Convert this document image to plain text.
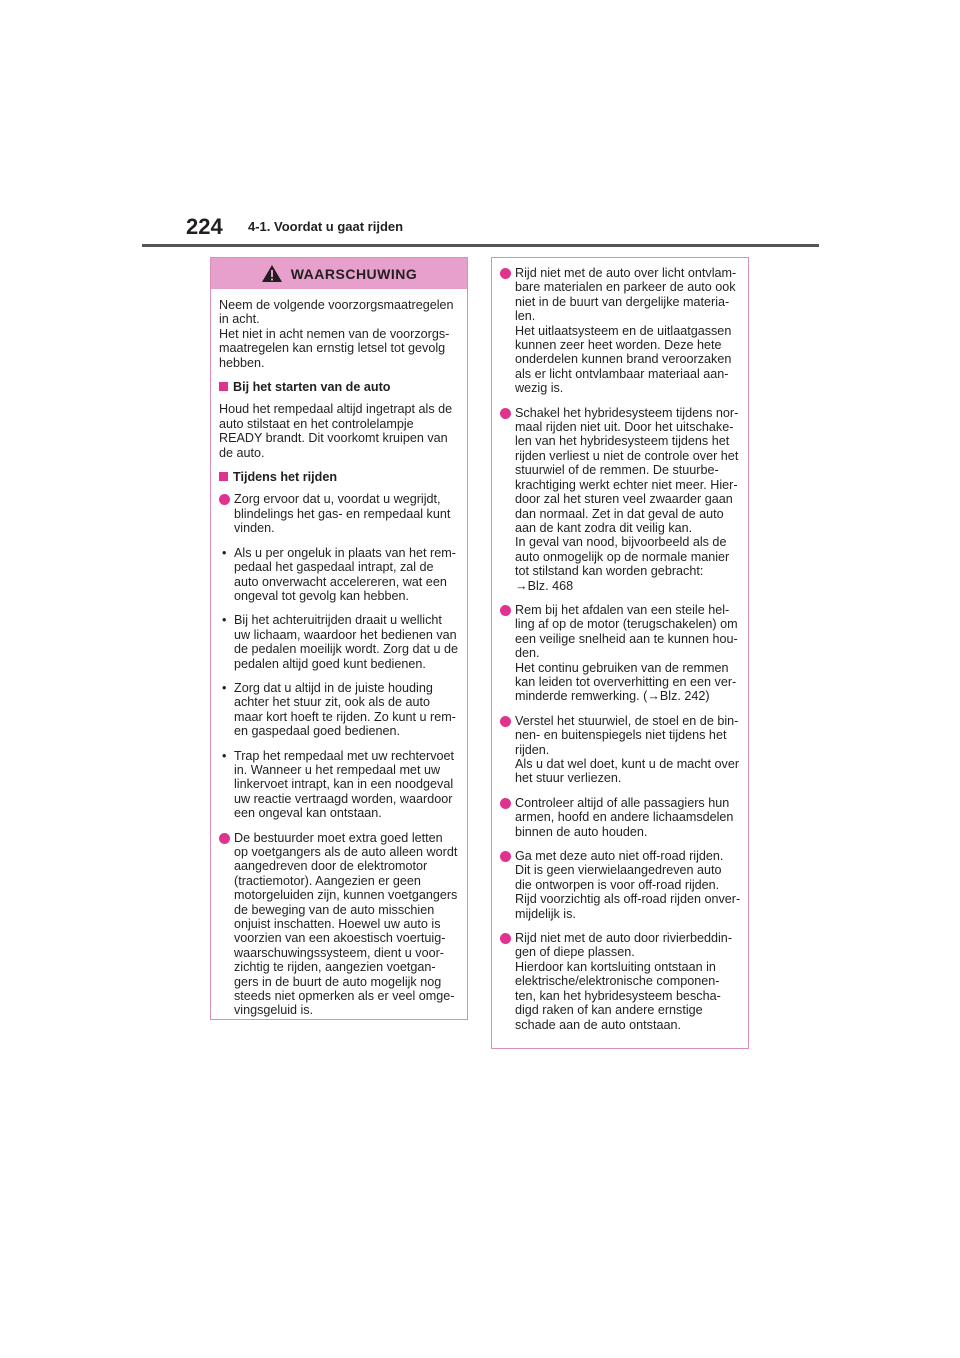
224 4-1. Voordat u gaat rijden
WAARSCHUWING
Neem de volgende voorzorgsmaatregelen
in acht.
Het niet in acht nemen van de voorzorgs-
maatregelen kan ernstig letsel tot gevolg
hebben.
Bij het starten van de auto
Houd het rempedaal altijd ingetrapt als de
auto stilstaat en het controlelampje
READY brandt. Dit voorkomt kruipen van
de auto.
Tijdens het rijden
Zorg ervoor dat u, voordat u wegrijdt,
blindelings het gas- en rempedaal kunt
vinden.
• Als u per ongeluk in plaats van het rem-
pedaal het gaspedaal intrapt, zal de
auto onverwacht accelereren, wat een
ongeval tot gevolg kan hebben.
• Bij het achteruitrijden draait u wellicht
uw lichaam, waardoor het bedienen van
de pedalen moeilijk wordt. Zorg dat u de
pedalen altijd goed kunt bedienen.
• Zorg dat u altijd in de juiste houding
achter het stuur zit, ook als de auto
maar kort hoeft te rijden. Zo kunt u rem-
en gaspedaal goed bedienen.
• Trap het rempedaal met uw rechtervoet
in. Wanneer u het rempedaal met uw
linkervoet intrapt, kan in een noodgeval
uw reactie vertraagd worden, waardoor
een ongeval kan ontstaan.
De bestuurder moet extra goed letten
op voetgangers als de auto alleen wordt
aangedreven door de elektromotor
(tractiemotor). Aangezien er geen
motorgeluiden zijn, kunnen voetgangers
de beweging van de auto misschien
onjuist inschatten. Hoewel uw auto is
voorzien van een akoestisch voertuig-
waarschuwingssysteem, dient u voor-
zichtig te rijden, aangezien voetgan-
gers in de buurt de auto mogelijk nog
steeds niet opmerken als er veel omge-
vingsgeluid is.
Rijd niet met de auto over licht ontvlam-
bare materialen en parkeer de auto ook
niet in de buurt van dergelijke materia-
len.
Het uitlaatsysteem en de uitlaatgassen
kunnen zeer heet worden. Deze hete
onderdelen kunnen brand veroorzaken
als er licht ontvlambaar materiaal aan-
wezig is.
Schakel het hybridesysteem tijdens nor-
maal rijden niet uit. Door het uitschake-
len van het hybridesysteem tijdens het
rijden verliest u niet de controle over het
stuurwiel of de remmen. De stuurbe-
krachtiging werkt echter niet meer. Hier-
door zal het sturen veel zwaarder gaan
dan normaal. Zet in dat geval de auto
aan de kant zodra dit veilig kan.
In geval van nood, bijvoorbeeld als de
auto onmogelijk op de normale manier
tot stilstand kan worden gebracht:
→Blz. 468
Rem bij het afdalen van een steile hel-
ling af op de motor (terugschakelen) om
een veilige snelheid aan te kunnen hou-
den.
Het continu gebruiken van de remmen
kan leiden tot oververhitting en een ver-
minderde remwerking. (→Blz. 242)
Verstel het stuurwiel, de stoel en de bin-
nen- en buitenspiegels niet tijdens het
rijden.
Als u dat wel doet, kunt u de macht over
het stuur verliezen.
Controleer altijd of alle passagiers hun
armen, hoofd en andere lichaamsdelen
binnen de auto houden.
Ga met deze auto niet off-road rijden.
Dit is geen vierwielaangedreven auto
die ontworpen is voor off-road rijden.
Rijd voorzichtig als off-road rijden onver-
mijdelijk is.
Rijd niet met de auto door rivierbeddin-
gen of diepe plassen.
Hierdoor kan kortsluiting ontstaan in
elektrische/elektronische componen-
ten, kan het hybridesysteem bescha-
digd raken of kan andere ernstige
schade aan de auto ontstaan.
